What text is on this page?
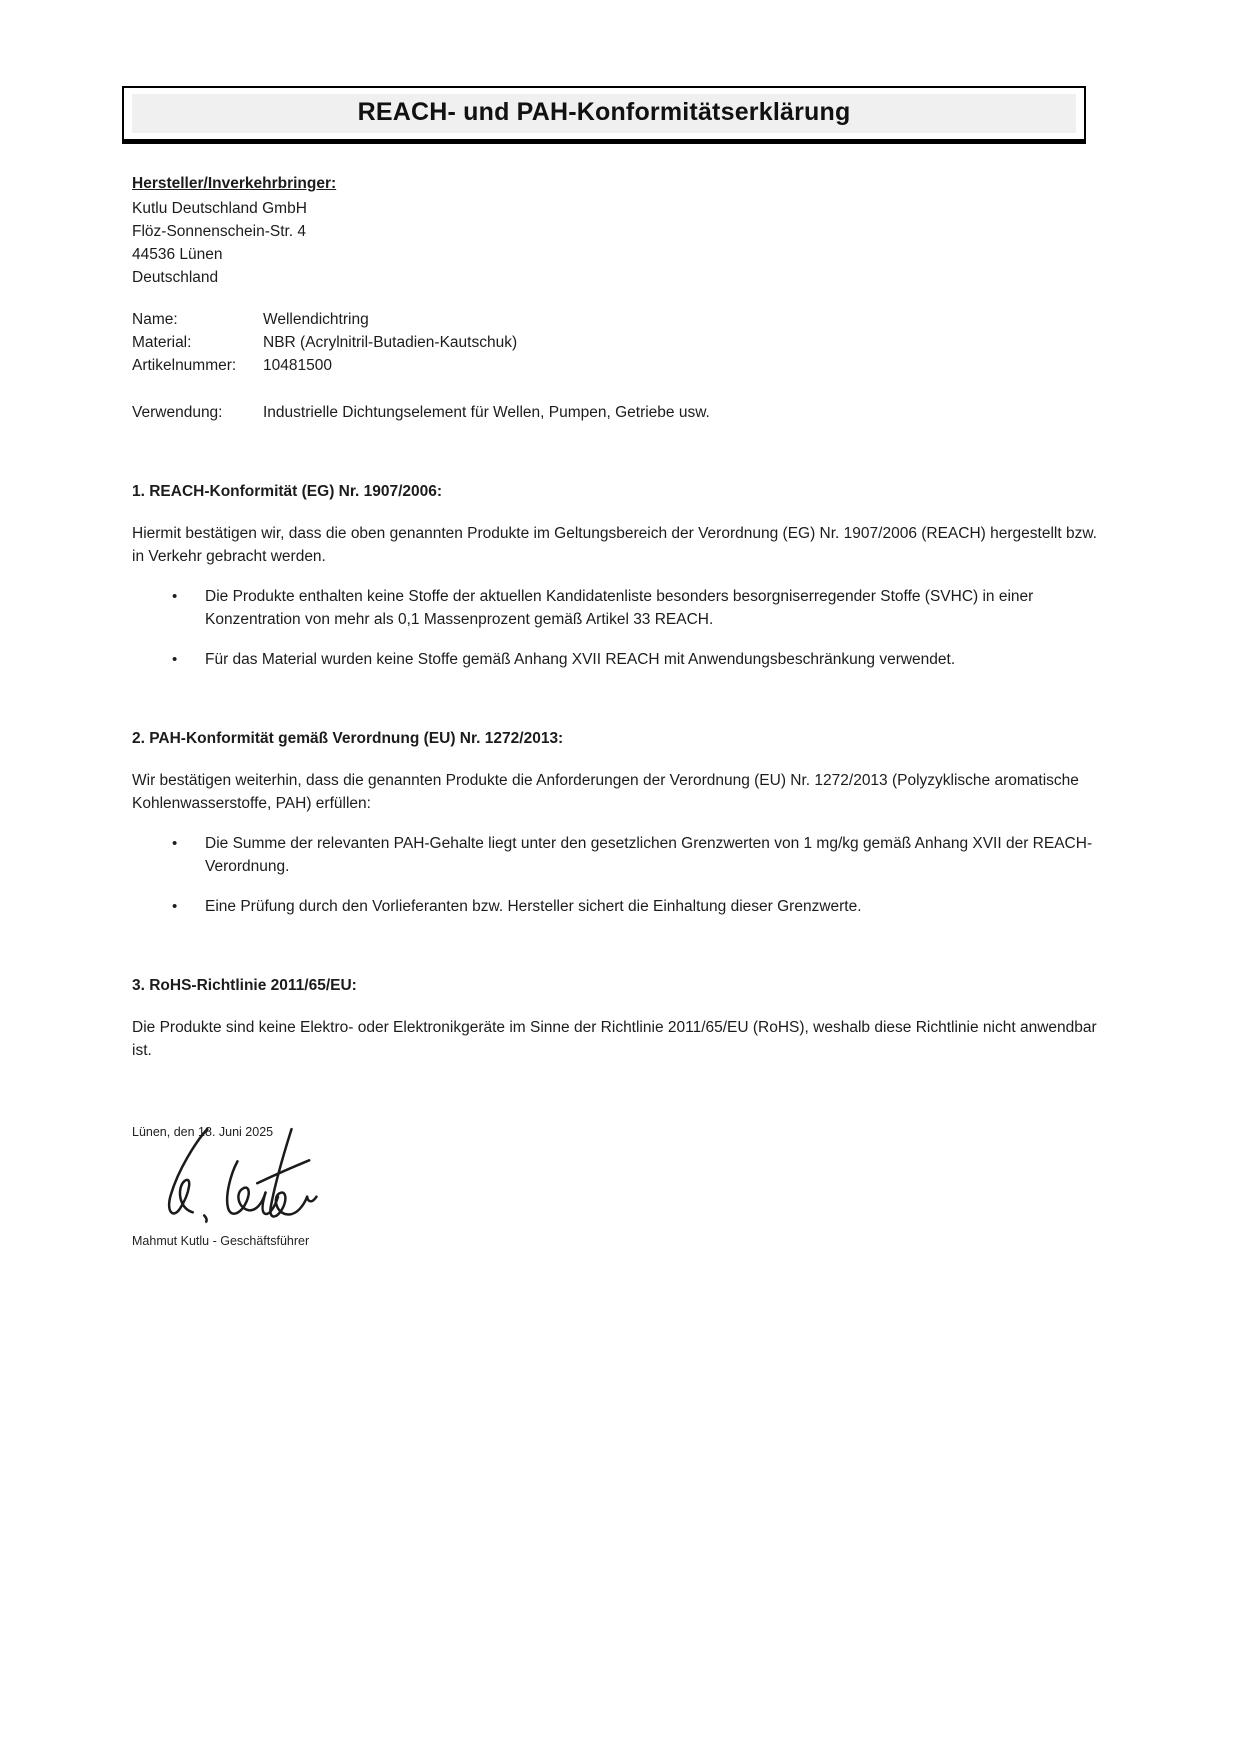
REACH- und PAH-Konformitätserklärung
Hersteller/Inverkehrbringer:
Kutlu Deutschland GmbH
Flöz-Sonnenschein-Str. 4
44536 Lünen
Deutschland
Name:	Wellendichtring
Material:	NBR (Acrylnitril-Butadien-Kautschuk)
Artikelnummer:	10481500
Verwendung:	Industrielle Dichtungselement für Wellen, Pumpen, Getriebe usw.
1. REACH-Konformität (EG) Nr. 1907/2006:

Hiermit bestätigen wir, dass die oben genannten Produkte im Geltungsbereich der Verordnung (EG) Nr. 1907/2006 (REACH) hergestellt bzw. in Verkehr gebracht werden.

•
Die Produkte enthalten keine Stoffe der aktuellen Kandidatenliste besonders besorgniserregender Stoffe (SVHC) in einer Konzentration von mehr als 0,1 Massenprozent gemäß Artikel 33 REACH.
•
Für das Material wurden keine Stoffe gemäß Anhang XVII REACH mit Anwendungsbeschränkung verwendet.
2. PAH-Konformität gemäß Verordnung (EU) Nr. 1272/2013:

Wir bestätigen weiterhin, dass die genannten Produkte die Anforderungen der Verordnung (EU) Nr. 1272/2013 (Polyzyklische aromatische Kohlenwasserstoffe, PAH) erfüllen:

•
Die Summe der relevanten PAH-Gehalte liegt unter den gesetzlichen Grenzwerten von 1 mg/kg gemäß Anhang XVII der REACH-Verordnung.
•
Eine Prüfung durch den Vorlieferanten bzw. Hersteller sichert die Einhaltung dieser Grenzwerte.
3. RoHS-Richtlinie 2011/65/EU:

Die Produkte sind keine Elektro- oder Elektronikgeräte im Sinne der Richtlinie 2011/65/EU (RoHS), weshalb diese Richtlinie nicht anwendbar ist.

Lünen, den 18. Juni 2025
Mahmut Kutlu - Geschäftsführer
